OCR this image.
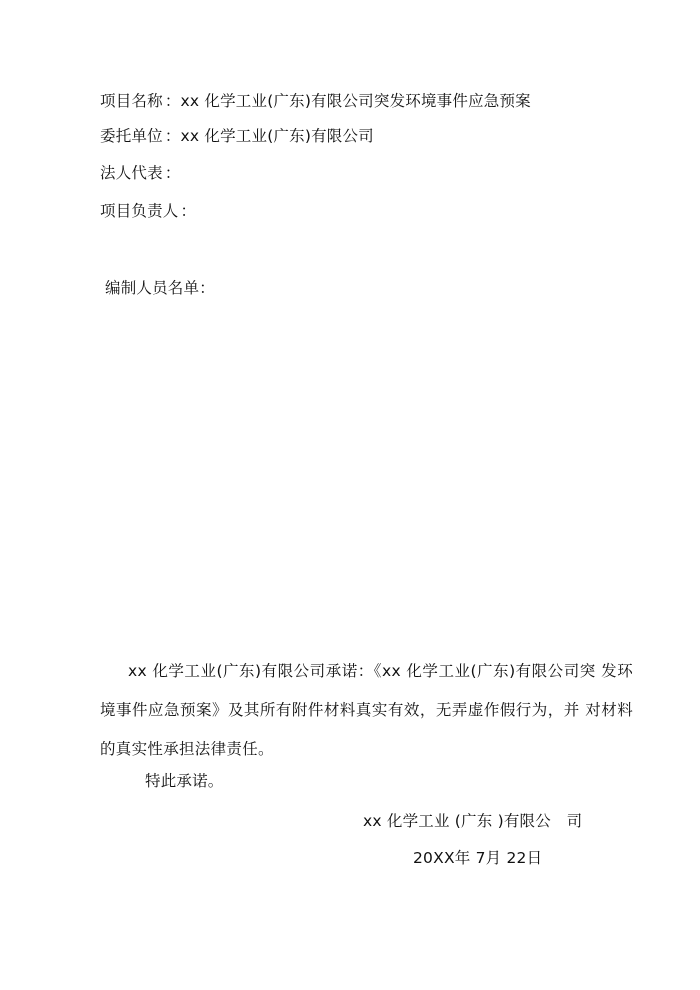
项目名称 ：xx 化学工业(广东)有限公司突发环境事件应急预案
委托单位 ：xx 化学工业(广东)有限公司
法人代表 ：
项目负责人 ：
编制人员名单：
xx 化学工业(广东)有限公司承诺：《xx 化学工业(广东)有限公司突 发环境事件应急预案》及其所有附件材料真实有效，无弄虚作假行为，并 对材料的真实性承担法律责任。
特此承诺。
xx 化学工业 (广东 )有限公　司
20XX年 7月 22日
